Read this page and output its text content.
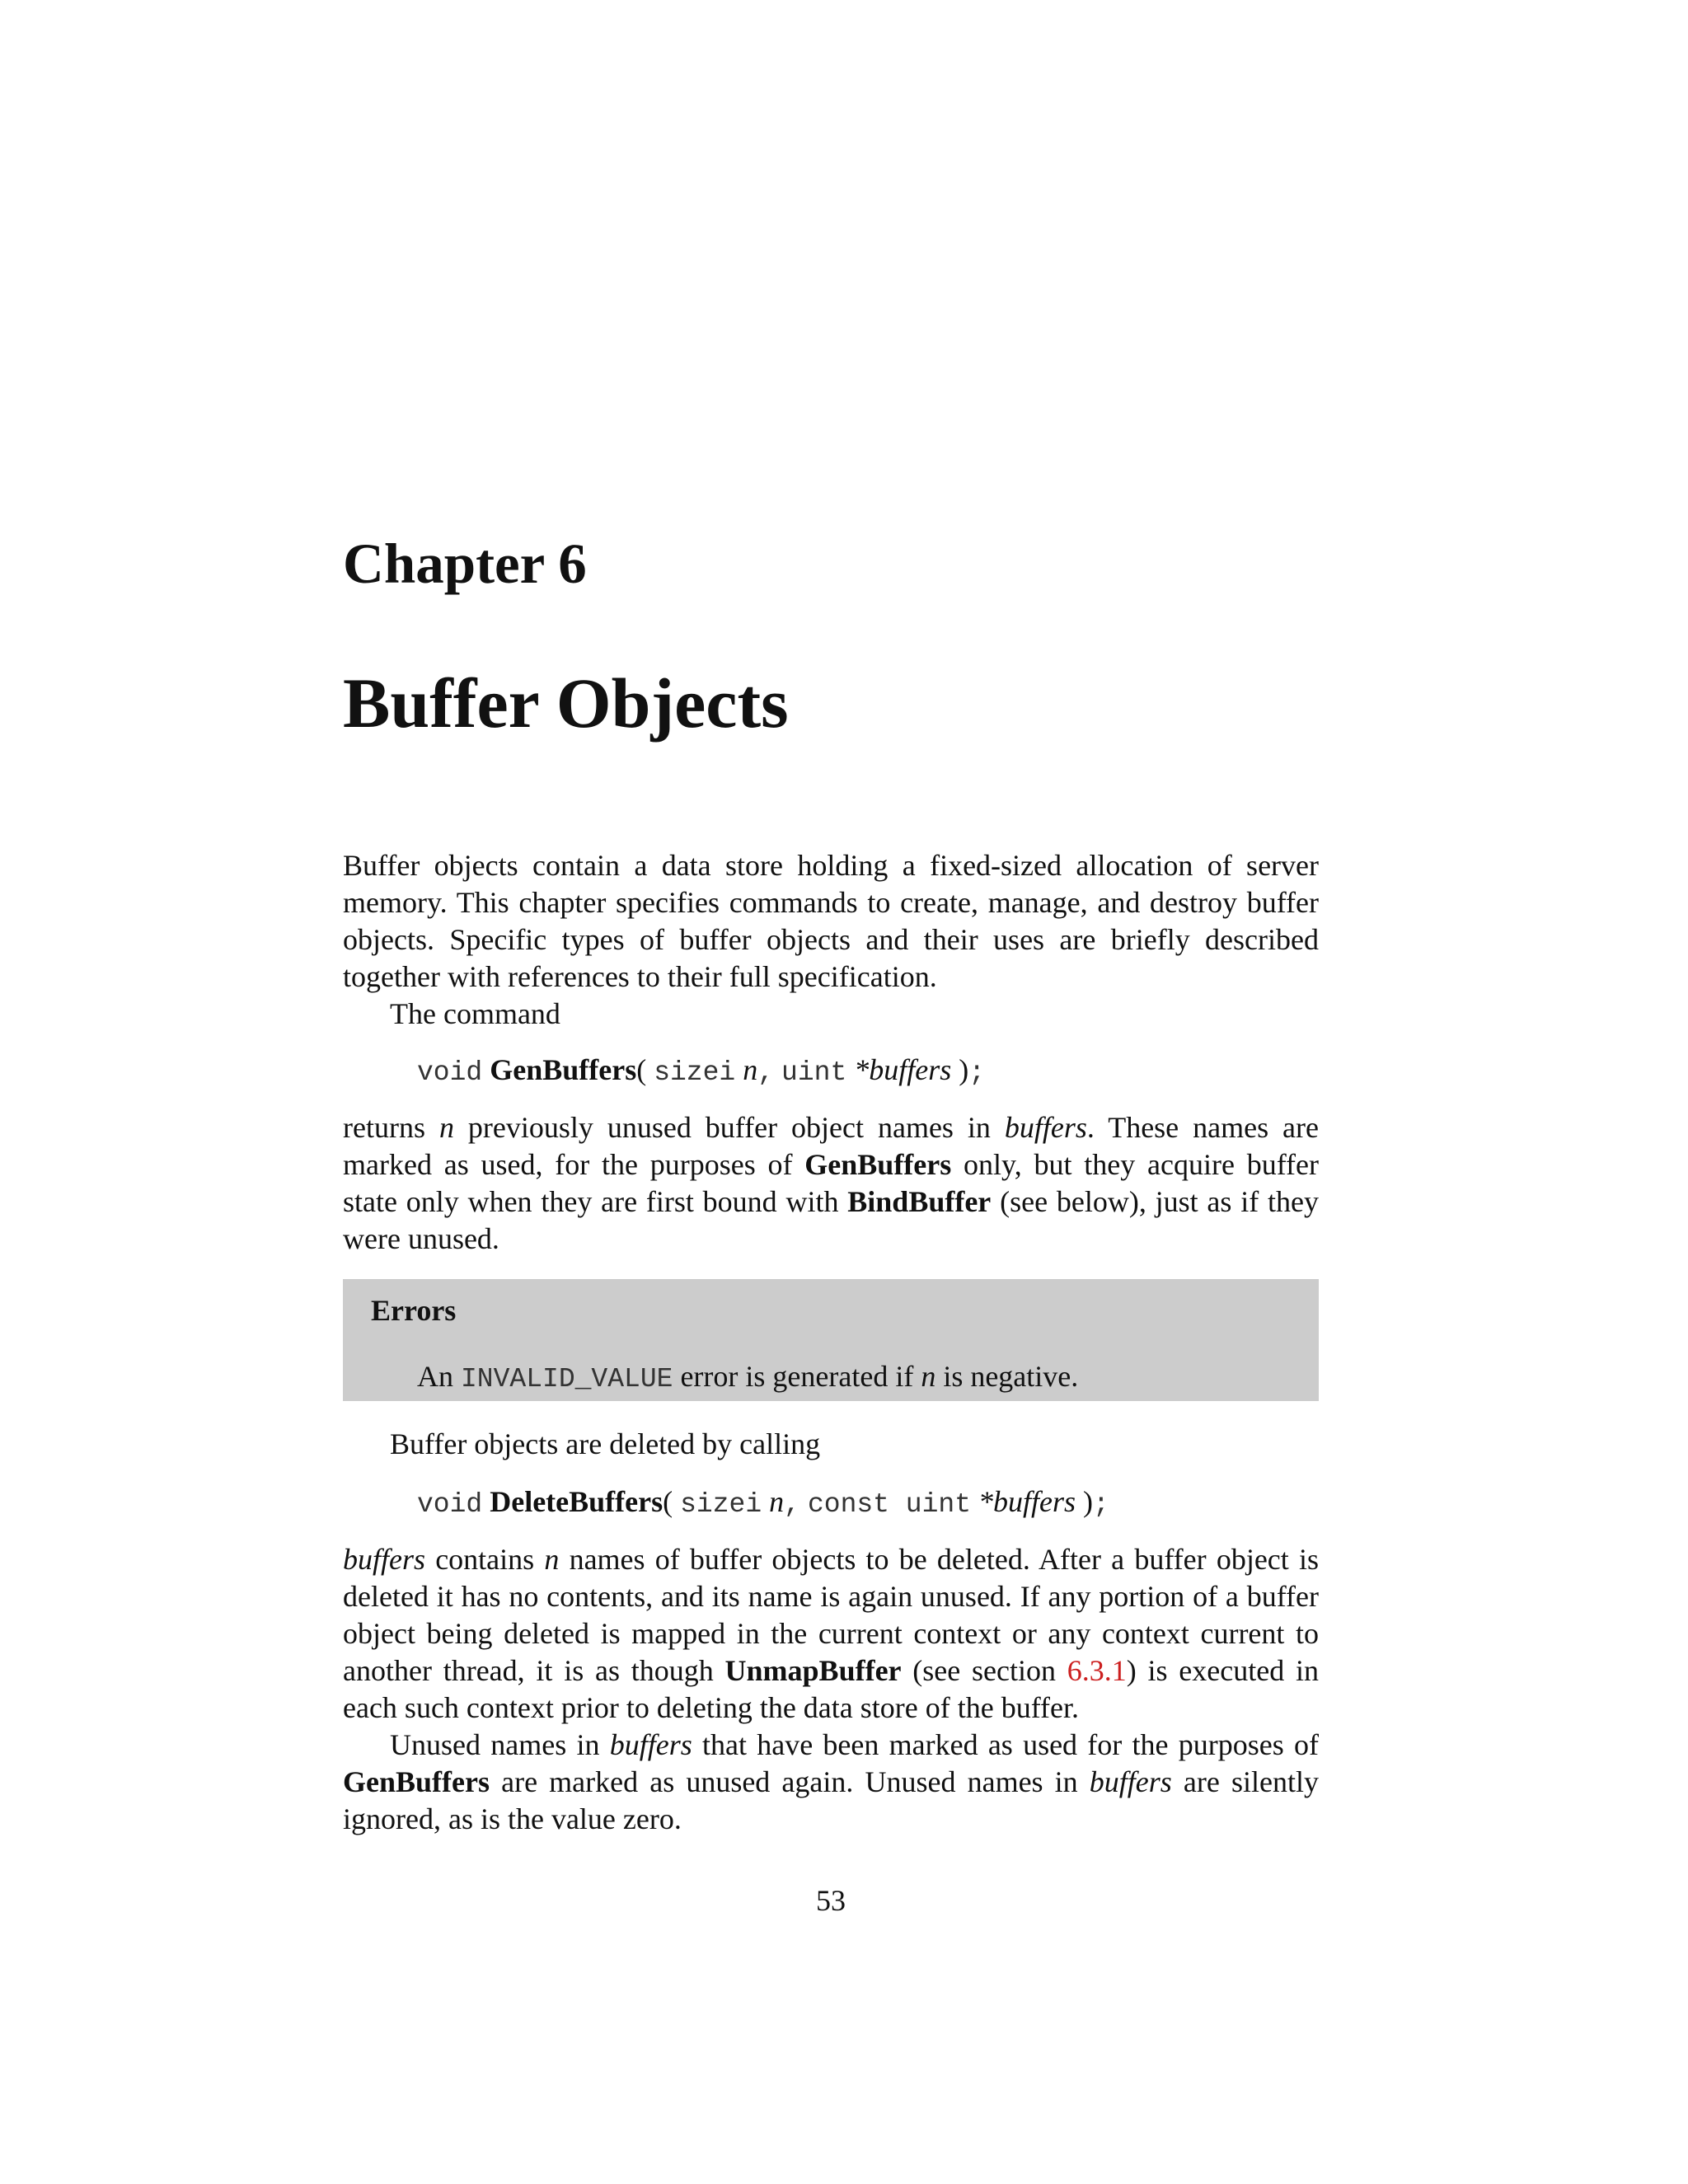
Chapter 6
Buffer Objects

Buffer objects contain a data store holding a fixed-sized allocation of server memory. This chapter specifies commands to create, manage, and destroy buffer objects. Specific types of buffer objects and their uses are briefly described together with references to their full specification.

The command

void GenBuffers( sizei n, uint *buffers );

returns n previously unused buffer object names in buffers. These names are marked as used, for the purposes of GenBuffers only, but they acquire buffer state only when they are first bound with BindBuffer (see below), just as if they were unused.

Errors
An INVALID_VALUE error is generated if n is negative.

Buffer objects are deleted by calling

void DeleteBuffers( sizei n, const uint *buffers );

buffers contains n names of buffer objects to be deleted. After a buffer object is deleted it has no contents, and its name is again unused. If any portion of a buffer object being deleted is mapped in the current context or any context current to another thread, it is as though UnmapBuffer (see section 6.3.1) is executed in each such context prior to deleting the data store of the buffer.

Unused names in buffers that have been marked as used for the purposes of GenBuffers are marked as unused again. Unused names in buffers are silently ignored, as is the value zero.

53
